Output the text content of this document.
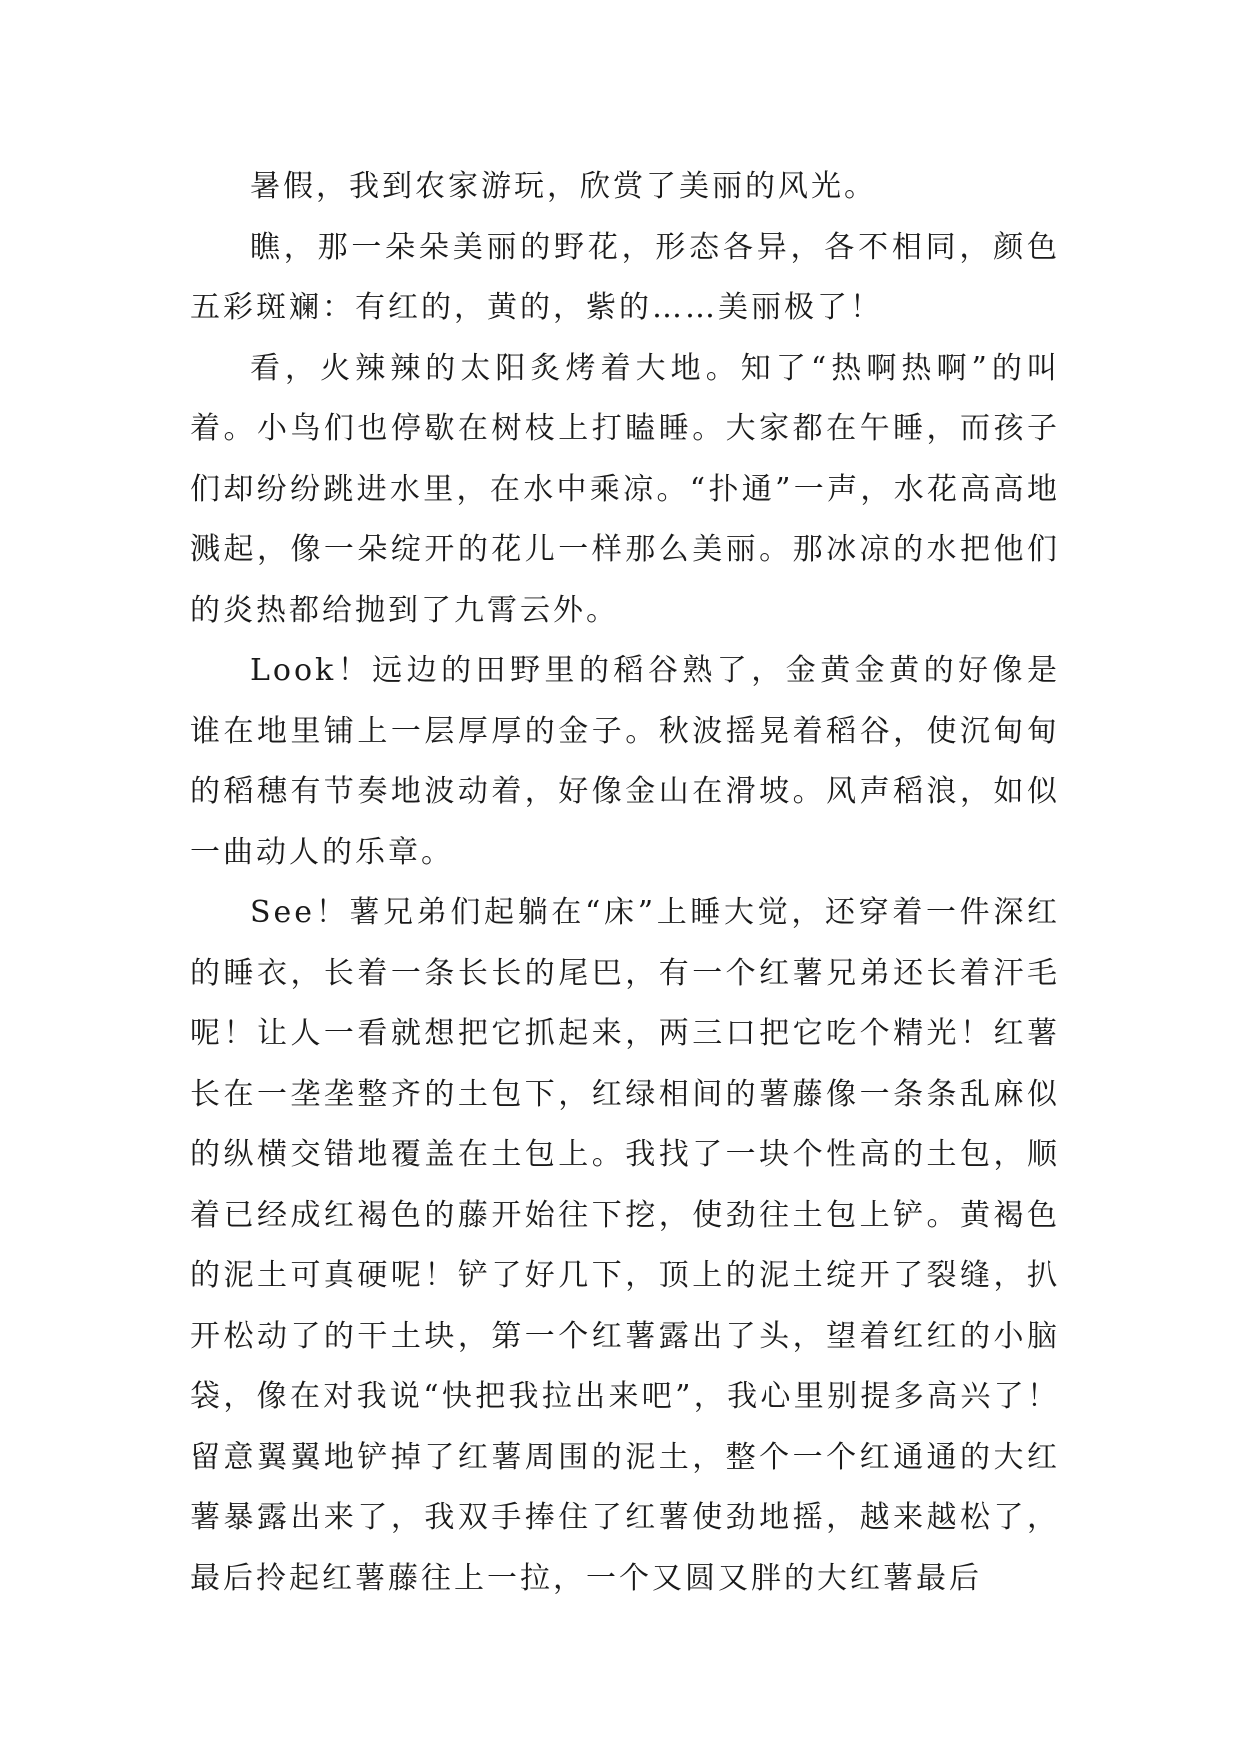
暑假，我到农家游玩，欣赏了美丽的风光。

瞧，那一朵朵美丽的野花，形态各异，各不相同，颜色五彩斑斓：有红的，黄的，紫的……美丽极了！

看，火辣辣的太阳炙烤着大地。知了“热啊热啊”的叫着。小鸟们也停歇在树枝上打瞌睡。大家都在午睡，而孩子们却纷纷跳进水里，在水中乘凉。“扑通”一声，水花高高地溅起，像一朵绽开的花儿一样那么美丽。那冰凉的水把他们的炎热都给抛到了九霄云外。

Look！远边的田野里的稻谷熟了，金黄金黄的好像是谁在地里铺上一层厚厚的金子。秋波摇晃着稻谷，使沉甸甸的稻穗有节奏地波动着，好像金山在滑坡。风声稻浪，如似一曲动人的乐章。

See！薯兄弟们起躺在“床”上睡大觉，还穿着一件深红的睡衣，长着一条长长的尾巴，有一个红薯兄弟还长着汗毛呢！让人一看就想把它抓起来，两三口把它吃个精光！红薯长在一垄垄整齐的土包下，红绿相间的薯藤像一条条乱麻似的纵横交错地覆盖在土包上。我找了一块个性高的土包，顺着已经成红褐色的藤开始往下挖，使劲往土包上铲。黄褐色的泥土可真硬呢！铲了好几下，顶上的泥土绽开了裂缝，扒开松动了的干土块，第一个红薯露出了头，望着红红的小脑袋，像在对我说“快把我拉出来吧”，我心里别提多高兴了！留意翼翼地铲掉了红薯周围的泥土，整个一个红通通的大红薯暴露出来了，我双手捧住了红薯使劲地摇，越来越松了，最后拎起红薯藤往上一拉，一个又圆又胖的大红薯最后
